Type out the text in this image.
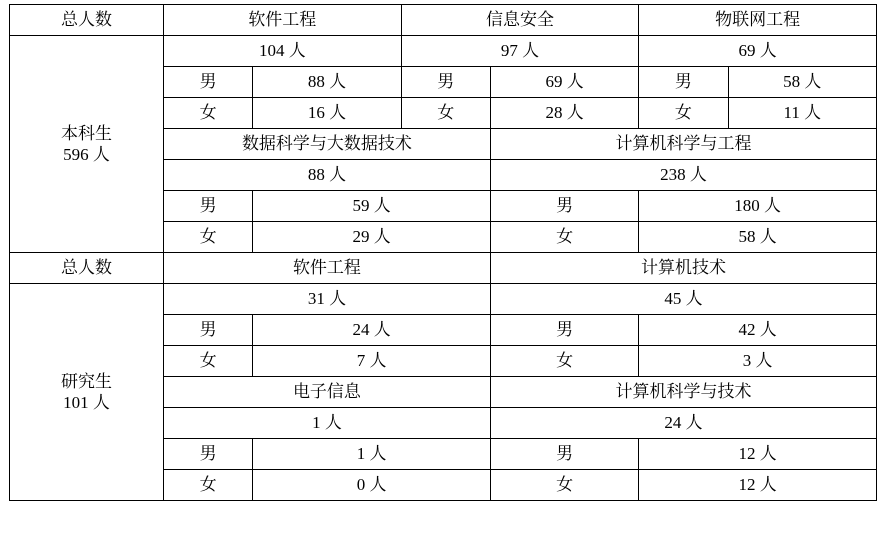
总人数	软件工程		信息安全		物联网工程	

本科生
596 人	104 人		97 人		69 人	
	男	88 人	男	69 人	男	58 人
	女	16 人	女	28 人	女	11 人
	数据科学与大数据技术			计算机科学与工程		
	88 人			238 人		
	男	59 人		男	180 人	
	女	29 人		女	58 人	
总人数	软件工程			计算机技术		

研究生
101 人	31 人			45 人		
	男	24 人		男	42 人	
	女	7 人		女	3 人	
	电子信息			计算机科学与技术		
	1 人			24 人		
	男	1 人		男	12 人	
	女	0 人		女	12 人	
